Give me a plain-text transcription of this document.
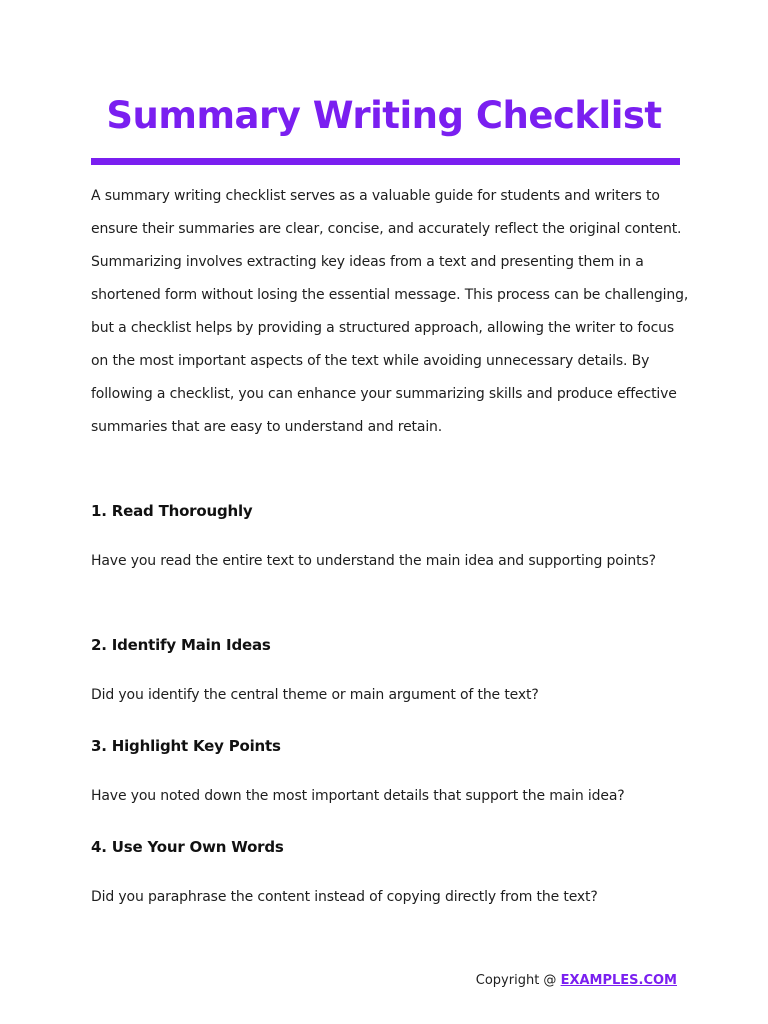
Summary Writing Checklist

A summary writing checklist serves as a valuable guide for students and writers to ensure their summaries are clear, concise, and accurately reflect the original content. Summarizing involves extracting key ideas from a text and presenting them in a shortened form without losing the essential message. This process can be challenging, but a checklist helps by providing a structured approach, allowing the writer to focus on the most important aspects of the text while avoiding unnecessary details. By following a checklist, you can enhance your summarizing skills and produce effective summaries that are easy to understand and retain.

1. Read Thoroughly

Have you read the entire text to understand the main idea and supporting points?

2. Identify Main Ideas

Did you identify the central theme or main argument of the text?

3. Highlight Key Points

Have you noted down the most important details that support the main idea?

4. Use Your Own Words

Did you paraphrase the content instead of copying directly from the text?

Copyright @ EXAMPLES.COM
